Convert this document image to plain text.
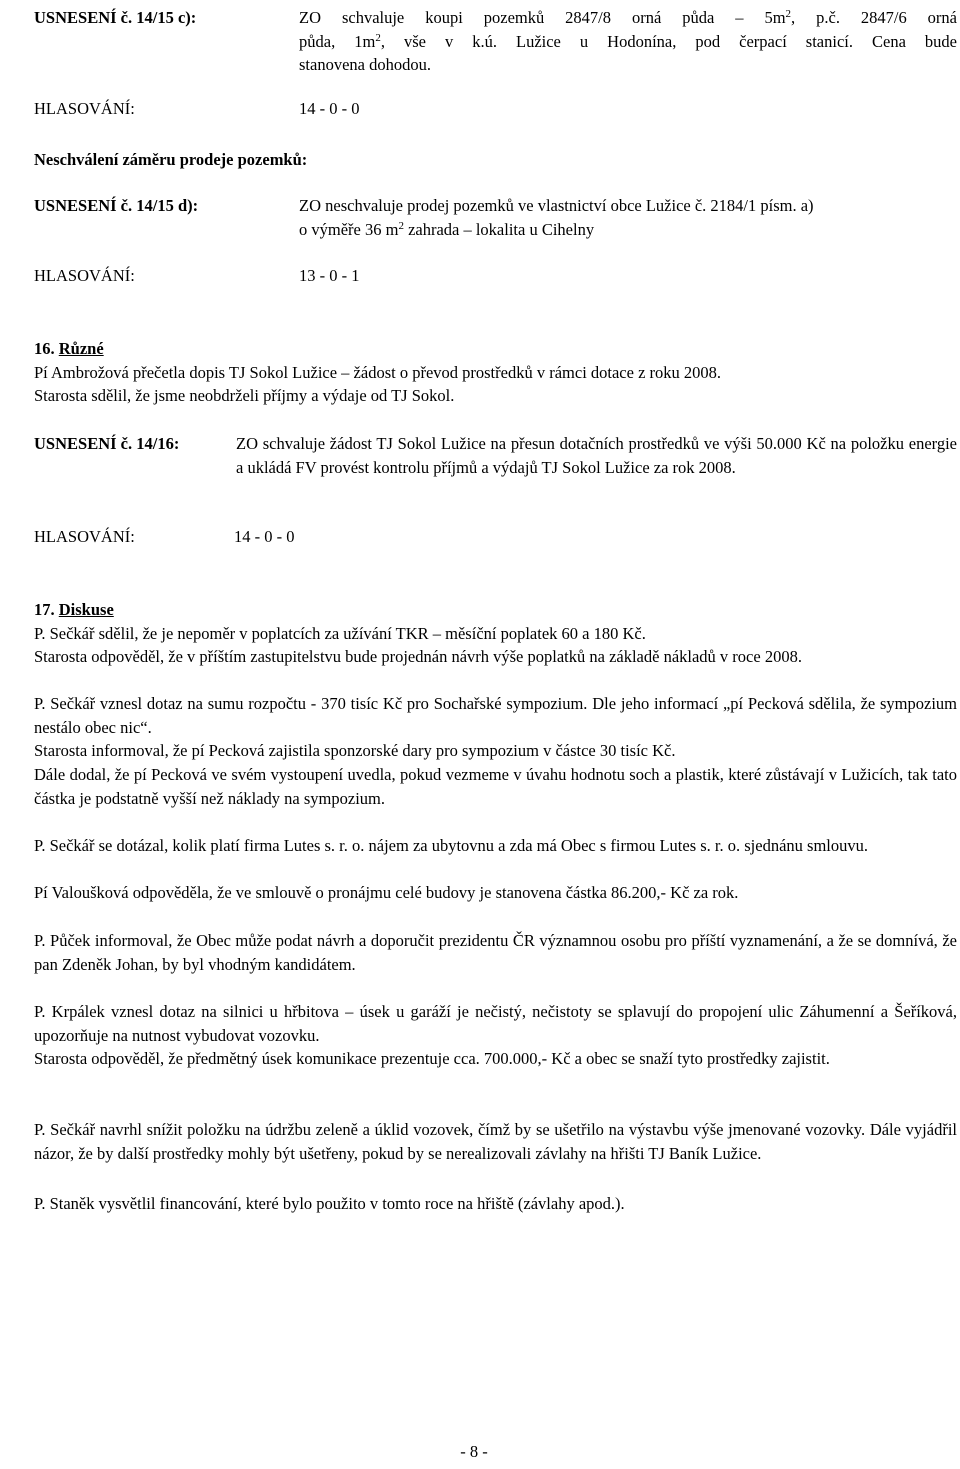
USNESENÍ č. 14/15 c):	ZO schvaluje koupi pozemků 2847/8 orná půda – $5m^2$, p.č. 2847/6 orná
půda, $1m^2$, vše v k.ú. Lužice u Hodonína, pod čerpací stanicí. Cena bude
stanovena dohodou.
HLASOVÁNÍ:	14 - 0 - 0
Neschválení záměru prodeje pozemků:
USNESENÍ č. 14/15 d):	ZO neschvaluje prodej pozemků ve vlastnictví obce Lužice č. 2184/1 písm. a)
o výměře 36 $m^2$ zahrada – lokalita u Cihelny
HLASOVÁNÍ:	13 - 0 - 1
16. Různé
Pí Ambrožová přečetla dopis TJ Sokol Lužice – žádost o převod prostředků v rámci dotace z roku 2008.
Starosta sdělil, že jsme neobdrželi příjmy a výdaje od TJ Sokol.
USNESENÍ č. 14/16:	ZO schvaluje žádost TJ Sokol Lužice na přesun dotačních prostředků ve výši 50.000 Kč na položku energie a ukládá FV provést kontrolu příjmů a výdajů TJ Sokol Lužice za rok 2008.
HLASOVÁNÍ:	14 - 0 - 0
17. Diskuse
P. Sečkář sdělil, že je nepoměr v poplatcích za užívání TKR – měsíční poplatek 60 a 180 Kč.
Starosta odpověděl, že v příštím zastupitelstvu bude projednán návrh výše poplatků na základě nákladů v roce 2008.
P. Sečkář vznesl dotaz na sumu rozpočtu - 370 tisíc Kč pro Sochařské sympozium. Dle jeho informací „pí Pecková sdělila, že sympozium nestálo obec nic“.
Starosta informoval, že pí Pecková zajistila sponzorské dary pro sympozium v částce 30 tisíc Kč.
Dále dodal, že pí Pecková ve svém vystoupení uvedla, pokud vezmeme v úvahu hodnotu soch a plastik, které zůstávají v Lužicích, tak tato částka je podstatně vyšší než náklady na sympozium.
P. Sečkář se dotázal, kolik platí firma Lutes s. r. o. nájem za ubytovnu a zda má Obec s firmou Lutes s. r. o. sjednánu smlouvu.
Pí Valoušková odpověděla, že ve smlouvě o pronájmu celé budovy je stanovena částka 86.200,- Kč za rok.
P. Půček informoval, že Obec může podat návrh a doporučit prezidentu ČR významnou osobu pro příští vyznamenání, a že se domnívá, že pan Zdeněk Johan, by byl vhodným kandidátem.
P. Krpálek vznesl dotaz na silnici u hřbitova – úsek u garáží je nečistý, nečistoty se splavují do propojení ulic Záhumenní a Šeříková, upozorňuje na nutnost vybudovat vozovku.
Starosta odpověděl, že předmětný úsek komunikace prezentuje cca. 700.000,- Kč a obec se snaží tyto prostředky zajistit.
P. Sečkář navrhl snížit položku na údržbu zeleně a úklid vozovek, čímž by se ušetřilo na výstavbu výše jmenované vozovky. Dále vyjádřil názor, že by další prostředky mohly být ušetřeny, pokud by se nerealizovali závlahy na hřišti TJ Baník Lužice.
P. Staněk vysvětlil financování, které bylo použito v tomto roce na hřiště (závlahy apod.).
- 8 -
